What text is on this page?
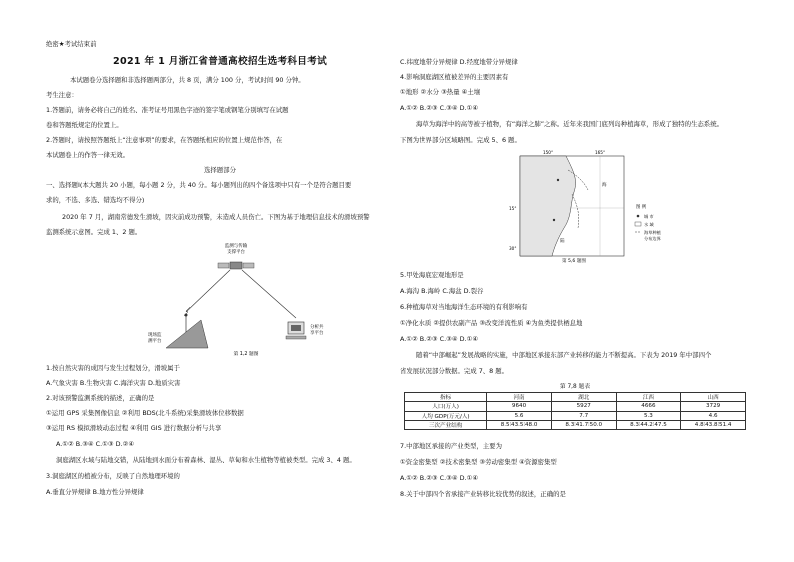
绝密★考试结束前
2021 年 1 月浙江省普通高校招生选考科目考试
本试题卷分选择题和非选择题两部分，共 8 页，满分 100 分，考试时间 90 分钟。
考生注意：
1.答题前，请务必将自己的姓名、准考证号用黑色字迹的签字笔或钢笔分别填写在试题
卷和答题纸规定的位置上。
2.答题时，请按照答题纸上“注意事项”的要求，在答题纸相应的位置上规范作答，在
本试题卷上的作答一律无效。
选择题部分
一、选择题Ⅰ(本大题共 20 小题，每小题 2 分，共 40 分。每小题列出的四个备选项中只有一个是符合题目要
求的，不选、多选、错选均不得分)
2020 年 7 月，湖南常德发生滑坡，因灾前成功预警，未造成人员伤亡。下图为基于地理信息技术的滑坡预警
监测系统示意图。完成 1、2 题。
监测与传输
支撑平台
现场监
测平台
分析共
享平台
第 1,2 题图
1.按自然灾害的成因与发生过程划分，滑坡属于
A.气象灾害 B.生物灾害 C.海洋灾害 D.地质灾害
2.对该预警监测系统的描述，正确的是
①运用 GPS 采集图像信息 ②利用 BDS(北斗系统)采集滑坡体位移数据
③运用 RS 模拟滑坡动态过程 ④利用 GIS 进行数据分析与共享
A.①② B.③④ C.①③ D.②④
洞庭湖区水域与陆地交错，从陆地到水面分布着森林、湿丛、草甸和水生植物等植被类型。完成 3、4 题。
3.洞庭湖区的植被分布，反映了自然地理环境的
A.垂直分异规律 B.地方性分异规律
C.纬度地带分异规律 D.经度地带分异规律
4.影响洞庭湖区植被差异的主要因素有
①地形 ②水分 ③热量 ④土壤
A.①② B.②③ C.③④ D.①④
海草为海洋中的高等被子植物，有“海洋之肺”之称。近年来我国门底列岛种植海草，形成了独特的生态系统。
下图为世界部分区域略图。完成 5、6 题。
150°	165°
15°
30°
海
陆
图 例
城 市
水 域
海草种植
分布边界
第 5,6 题图
5.甲处海底宏观地形是
A.海沟 B.海岭 C.海盆 D.裂谷
6.种植海草对当地海洋生态环境的有利影响有
①净化水质 ②提供农副产品 ③改变洋流性质 ④为鱼类提供栖息地
A.①② B.②③ C.③④ D.①④
随着“中部崛起”发展战略的实施，中部地区承接东部产业转移的能力不断提高。下表为 2019 年中部四个
省发展状况部分数据。完成 7、8 题。
第 7,8 题表
指标	河南	湖北	江西	山西
人口(万人)	9640	5927	4666	3729
人均 GDP(万元/人)	5.6	7.7	5.3	4.6
三次产业结构	8.5∶43.5∶48.0	8.3∶41.7∶50.0	8.3∶44.2∶47.5	4.8∶43.8∶51.4
7.中部地区承接的产业类型，主要为
①资金密集型 ②技术密集型 ③劳动密集型 ④资源密集型
A.①② B.②③ C.③④ D.①④
8.关于中部四个省承接产业转移比较优势的叙述，正确的是
